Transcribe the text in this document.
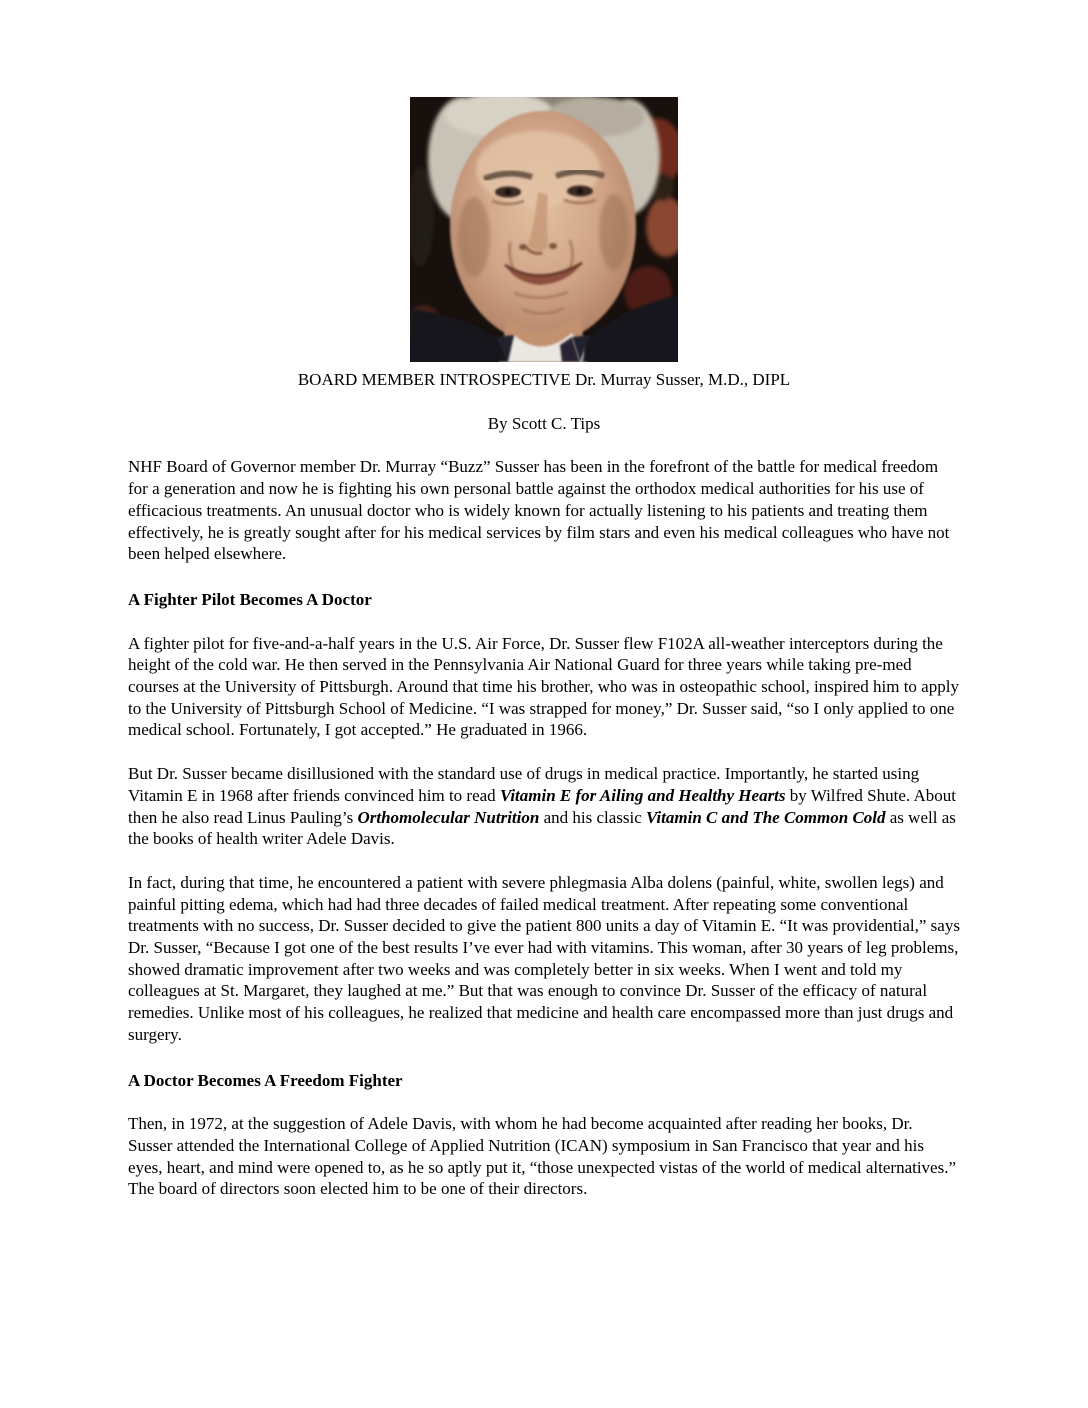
BOARD MEMBER INTROSPECTIVE Dr. Murray Susser, M.D., DIPL
By Scott C. Tips

NHF Board of Governor member Dr. Murray “Buzz” Susser has been in the forefront of the battle for medical freedom for a generation and now he is fighting his own personal battle against the orthodox medical authorities for his use of efficacious treatments. An unusual doctor who is widely known for actually listening to his patients and treating them effectively, he is greatly sought after for his medical services by film stars and even his medical colleagues who have not been helped elsewhere.

A Fighter Pilot Becomes A Doctor

A fighter pilot for five-and-a-half years in the U.S. Air Force, Dr. Susser flew F102A all-weather interceptors during the height of the cold war. He then served in the Pennsylvania Air National Guard for three years while taking pre-med courses at the University of Pittsburgh. Around that time his brother, who was in osteopathic school, inspired him to apply to the University of Pittsburgh School of Medicine. “I was strapped for money,” Dr. Susser said, “so I only applied to one medical school. Fortunately, I got accepted.” He graduated in 1966.

But Dr. Susser became disillusioned with the standard use of drugs in medical practice. Importantly, he started using Vitamin E in 1968 after friends convinced him to read Vitamin E for Ailing and Healthy Hearts by Wilfred Shute. About then he also read Linus Pauling’s Orthomolecular Nutrition and his classic Vitamin C and The Common Cold as well as the books of health writer Adele Davis.

In fact, during that time, he encountered a patient with severe phlegmasia Alba dolens (painful, white, swollen legs) and painful pitting edema, which had had three decades of failed medical treatment. After repeating some conventional treatments with no success, Dr. Susser decided to give the patient 800 units a day of Vitamin E. “It was providential,” says Dr. Susser, “Because I got one of the best results I’ve ever had with vitamins. This woman, after 30 years of leg problems, showed dramatic improvement after two weeks and was completely better in six weeks. When I went and told my colleagues at St. Margaret, they laughed at me.” But that was enough to convince Dr. Susser of the efficacy of natural remedies. Unlike most of his colleagues, he realized that medicine and health care encompassed more than just drugs and surgery.

A Doctor Becomes A Freedom Fighter

Then, in 1972, at the suggestion of Adele Davis, with whom he had become acquainted after reading her books, Dr. Susser attended the International College of Applied Nutrition (ICAN) symposium in San Francisco that year and his eyes, heart, and mind were opened to, as he so aptly put it, “those unexpected vistas of the world of medical alternatives.” The board of directors soon elected him to be one of their directors.
